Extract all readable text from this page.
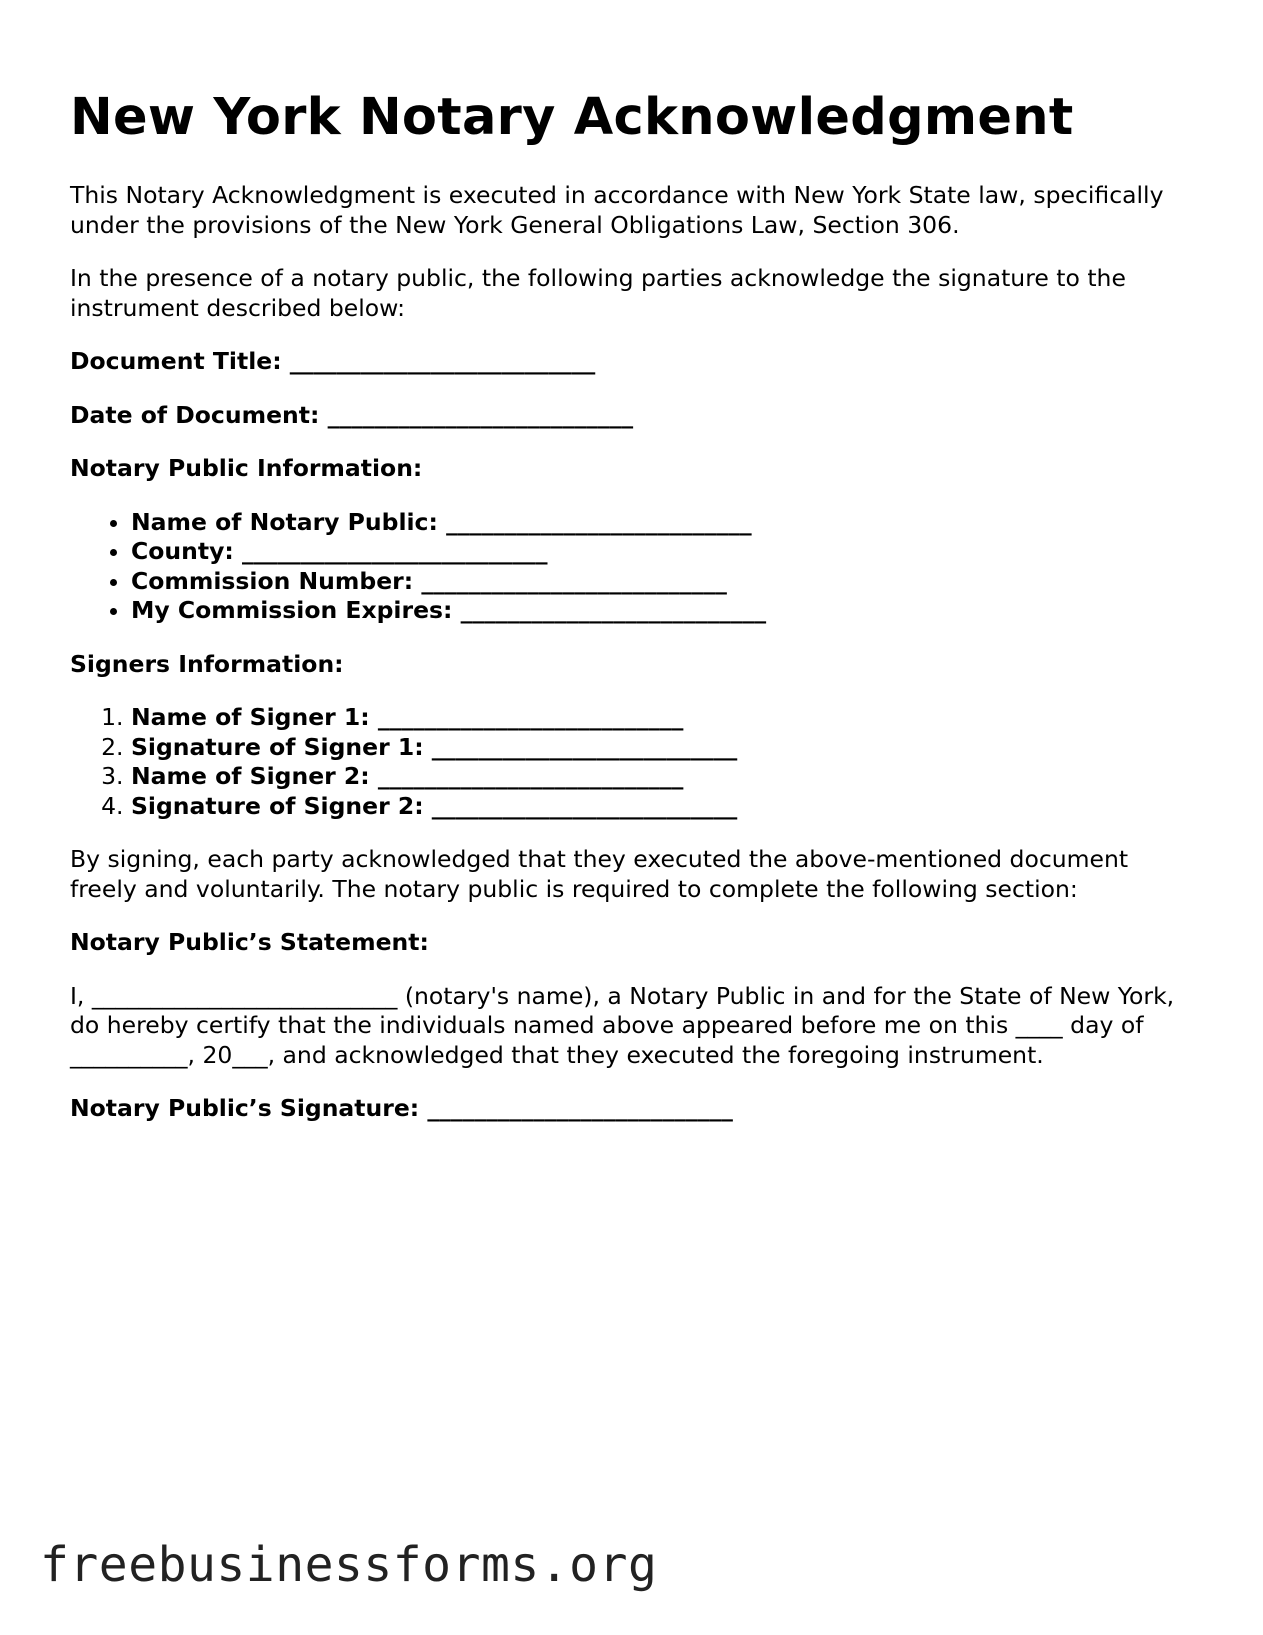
New York Notary Acknowledgment

This Notary Acknowledgment is executed in accordance with New York State law, specifically under the provisions of the New York General Obligations Law, Section 306.

In the presence of a notary public, the following parties acknowledge the signature to the instrument described below:

Document Title: __________________________

Date of Document: __________________________

Notary Public Information:

• Name of Notary Public: __________________________
• County: __________________________
• Commission Number: __________________________
• My Commission Expires: __________________________

Signers Information:

1. Name of Signer 1: __________________________
2. Signature of Signer 1: __________________________
3. Name of Signer 2: __________________________
4. Signature of Signer 2: __________________________

By signing, each party acknowledged that they executed the above-mentioned document freely and voluntarily. The notary public is required to complete the following section:

Notary Public’s Statement:

I, __________________________ (notary's name), a Notary Public in and for the State of New York, do hereby certify that the individuals named above appeared before me on this ____ day of __________, 20___, and acknowledged that they executed the foregoing instrument.

Notary Public’s Signature: __________________________

freebusinessforms.org
